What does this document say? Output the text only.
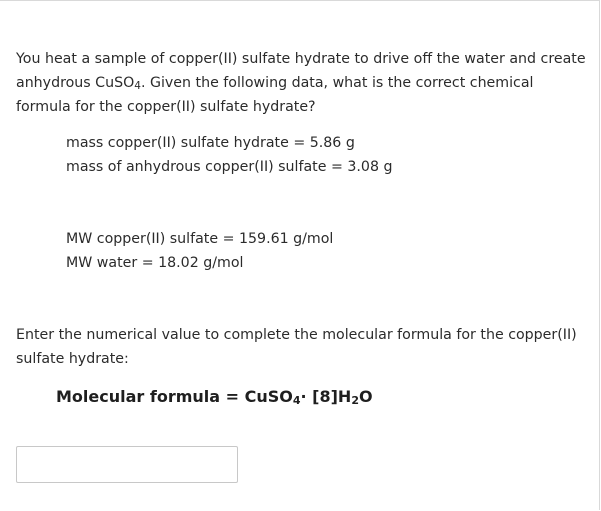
You heat a sample of copper(II) sulfate hydrate to drive off the water and create anhydrous CuSO4. Given the following data, what is the correct chemical formula for the copper(II) sulfate hydrate?
mass copper(II) sulfate hydrate = 5.86 g
mass of anhydrous copper(II) sulfate = 3.08 g
MW copper(II) sulfate = 159.61 g/mol
MW water = 18.02 g/mol
Enter the numerical value to complete the molecular formula for the copper(II) sulfate hydrate:
Molecular formula = CuSO$_4$· $[8]H_2O$
